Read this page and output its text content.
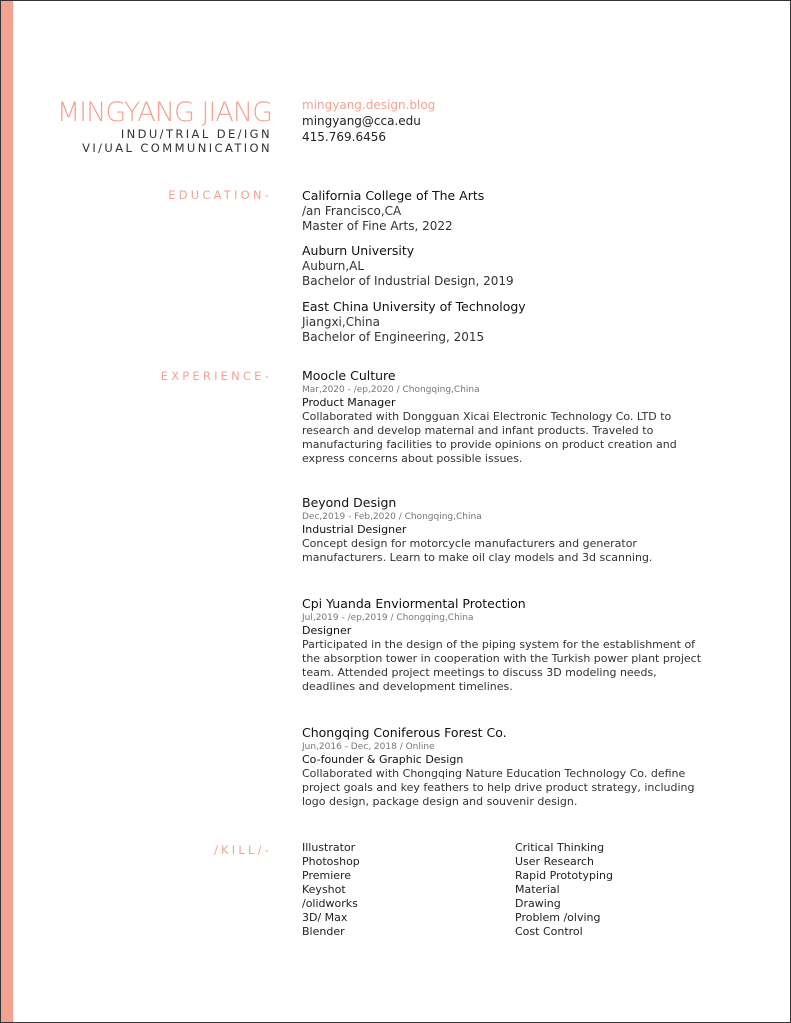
MINGYANG JIANG
INDU/TRIAL DE/IGN
VI/UAL COMMUNICATION
mingyang.design.blog
mingyang@cca.edu
415.769.6456
EDUCATION- California College of The Arts
/an Francisco,CA
Master of Fine Arts, 2022
Auburn University
Auburn,AL
Bachelor of Industrial Design, 2019
East China University of Technology
Jiangxi,China
Bachelor of Engineering, 2015
EXPERIENCE- Moocle Culture
Mar,2020 - /ep,2020 / Chongqing,China
Product Manager
Collaborated with Dongguan Xicai Electronic Technology Co. LTD to research and develop maternal and infant products. Traveled to manufacturing facilities to provide opinions on product creation and express concerns about possible issues.
Beyond Design
Dec,2019 - Feb,2020 / Chongqing,China
Industrial Designer
Concept design for motorcycle manufacturers and generator manufacturers. Learn to make oil clay models and 3d scanning.
Cpi Yuanda Enviormental Protection
Jul,2019 - /ep,2019 / Chongqing,China
Designer
Participated in the design of the piping system for the establishment of the absorption tower in cooperation with the Turkish power plant project team. Attended project meetings to discuss 3D modeling needs, deadlines and development timelines.
Chongqing Coniferous Forest Co.
Jun,2016 - Dec, 2018 / Online
Co-founder & Graphic Design
Collaborated with Chongqing Nature Education Technology Co. define project goals and key feathers to help drive product strategy, including logo design, package design and souvenir design.
/KILL/-	Illustrator
Photoshop
Premiere
Keyshot
/olidworks
3D/ Max
Blender
Critical Thinking
User Research
Rapid Prototyping
Material
Drawing
Problem /olving
Cost Control
